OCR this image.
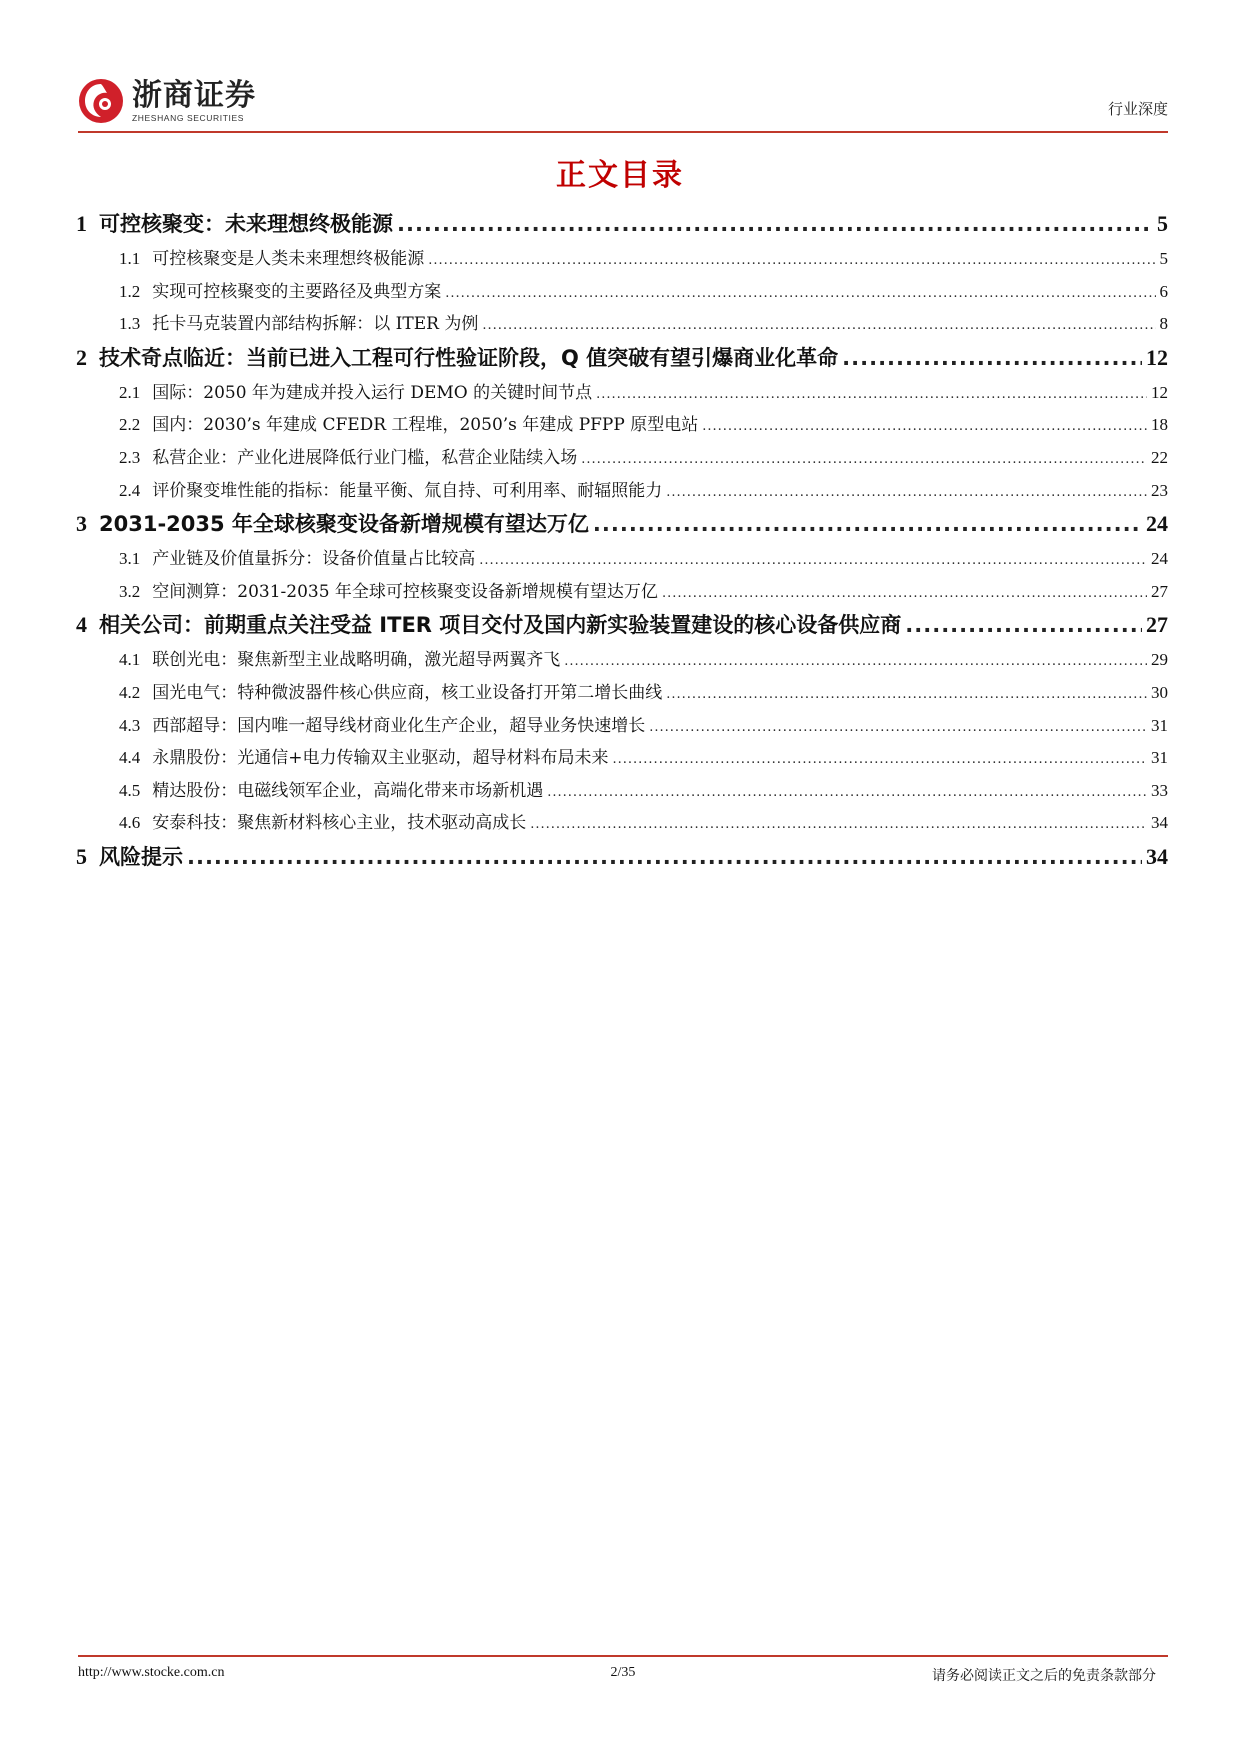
浙商证券
ZHESHANG SECURITIES	行业深度
正文目录
1 可控核聚变：未来理想终极能源 .....	5
1.1 可控核聚变是人类未来理想终极能源 .....	5
1.2 实现可控核聚变的主要路径及典型方案 .....	6
1.3 托卡马克装置内部结构拆解：以 ITER 为例 .....	8
2 技术奇点临近：当前已进入工程可行性验证阶段，Q 值突破有望引爆商业化革命 .....	12
2.1 国际：2050 年为建成并投入运行 DEMO 的关键时间节点 .....	12
2.2 国内：2030’s 年建成 CFEDR 工程堆，2050’s 年建成 PFPP 原型电站 .....	18
2.3 私营企业：产业化进展降低行业门槛，私营企业陆续入场 .....	22
2.4 评价聚变堆性能的指标：能量平衡、氚自持、可利用率、耐辐照能力 .....	23
3 2031-2035 年全球核聚变设备新增规模有望达万亿 .....	24
3.1 产业链及价值量拆分：设备价值量占比较高 .....	24
3.2 空间测算：2031-2035 年全球可控核聚变设备新增规模有望达万亿 .....	27
4 相关公司：前期重点关注受益 ITER 项目交付及国内新实验装置建设的核心设备供应商 .....	27
4.1 联创光电：聚焦新型主业战略明确，激光超导两翼齐飞 .....	29
4.2 国光电气：特种微波器件核心供应商，核工业设备打开第二增长曲线 .....	30
4.3 西部超导：国内唯一超导线材商业化生产企业，超导业务快速增长 .....	31
4.4 永鼎股份：光通信+电力传输双主业驱动，超导材料布局未来 .....	31
4.5 精达股份：电磁线领军企业，高端化带来市场新机遇 .....	33
4.6 安泰科技：聚焦新材料核心主业，技术驱动高成长 .....	34
5 风险提示 .....	34
http://www.stocke.com.cn	2/35	请务必阅读正文之后的免责条款部分
